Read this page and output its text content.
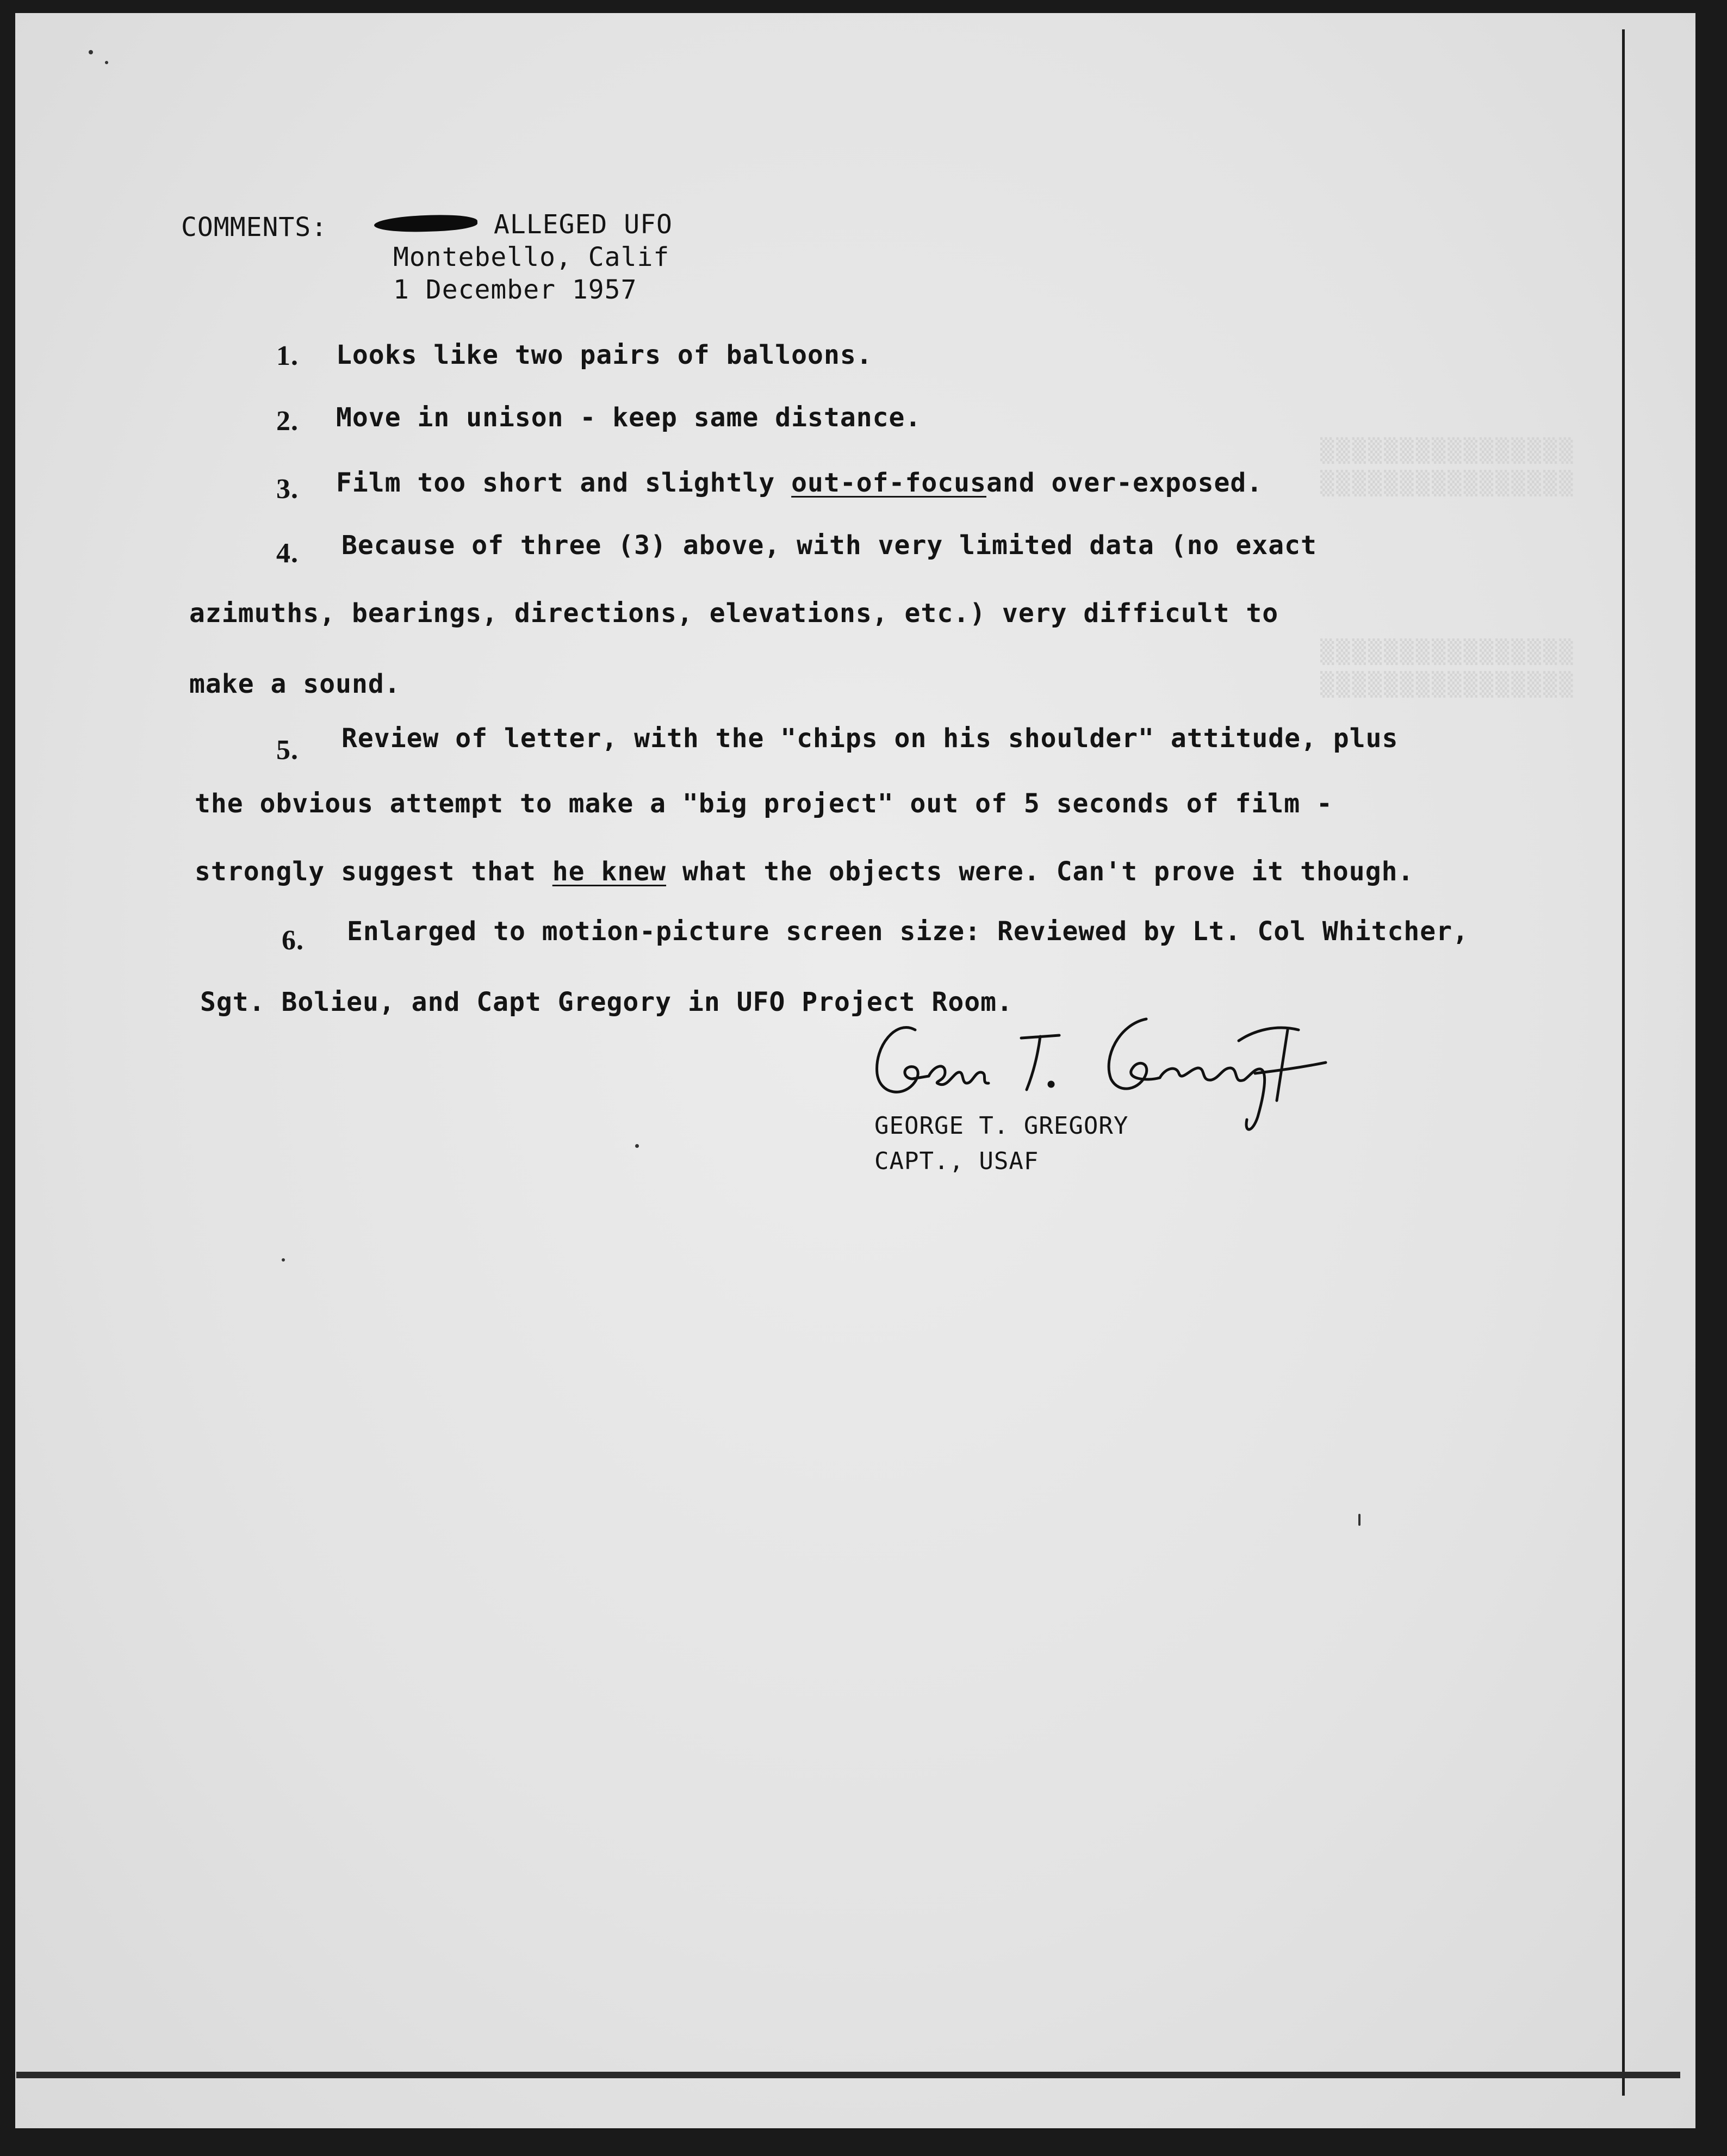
▒▒▒▒▒▒▒▒▒▒▒▒▒▒▒▒
▒▒▒▒▒▒▒▒▒▒▒▒▒▒▒▒
▒▒▒▒▒▒▒▒▒▒▒▒▒▒▒▒
▒▒▒▒▒▒▒▒▒▒▒▒▒▒▒▒
COMMENTS:	ALLEGED UFO
Montebello, Calif
1 December 1957
1. Looks like two pairs of balloons.
2. Move in unison - keep same distance.
3. Film too short and slightly out-of-focusand over-exposed.
4. Because of three (3) above, with very limited data (no exact
azimuths, bearings, directions, elevations, etc.) very difficult to
make a sound.
5. Review of letter, with the "chips on his shoulder" attitude, plus
the obvious attempt to make a "big project" out of 5 seconds of film -
strongly suggest that he knew what the objects were. Can't prove it though.
6. Enlarged to motion-picture screen size: Reviewed by Lt. Col Whitcher,
Sgt. Bolieu, and Capt Gregory in UFO Project Room.
GEORGE T. GREGORY
CAPT., USAF
